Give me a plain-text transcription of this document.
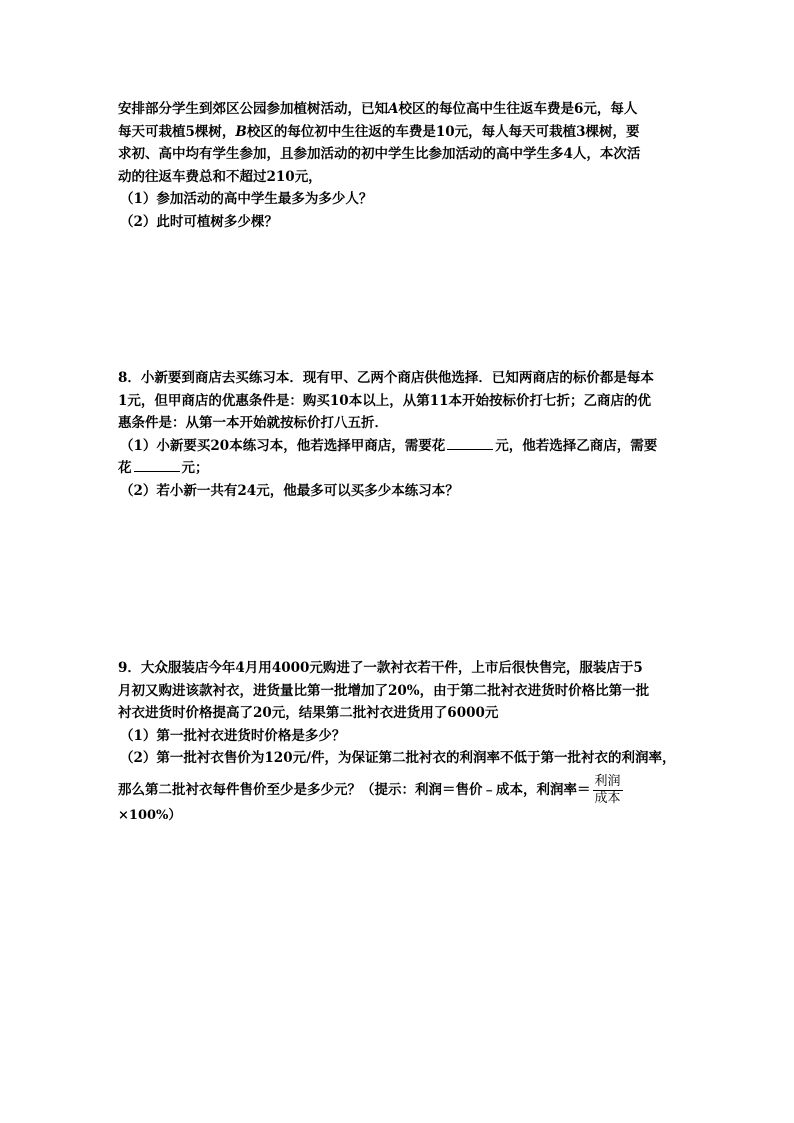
安排部分学生到郊区公园参加植树活动，已知A校区的每位高中生往返车费是6元，每人
每天可栽植5棵树，B校区的每位初中生往返的车费是10元，每人每天可栽植3棵树，要
求初、高中均有学生参加，且参加活动的初中学生比参加活动的高中学生多4人，本次活
动的往返车费总和不超过210元，
（1）参加活动的高中学生最多为多少人？
（2）此时可植树多少棵？
8．小新要到商店去买练习本．现有甲、乙两个商店供他选择．已知两商店的标价都是每本
1元，但甲商店的优惠条件是：购买10本以上，从第11本开始按标价打七折；乙商店的优
惠条件是：从第一本开始就按标价打八五折．
（1）小新要买20本练习本，他若选择甲商店，需要花	元，他若选择乙商店，需要
花	元；
（2）若小新一共有24元，他最多可以买多少本练习本？
9．大众服装店今年4月用4000元购进了一款衬衣若干件，上市后很快售完，服装店于5
月初又购进该款衬衣，进货量比第一批增加了20%，由于第二批衬衣进货时价格比第一批
衬衣进货时价格提高了20元，结果第二批衬衣进货用了6000元
（1）第一批衬衣进货时价格是多少？
（2）第一批衬衣售价为120元/件，为保证第二批衬衣的利润率不低于第一批衬衣的利润率，
那么第二批衬衣每件售价至少是多少元？（提示：利润＝售价﹣成本，利润率＝ $\frac{\text{利润}}{\text{成本}}$
×100%）
